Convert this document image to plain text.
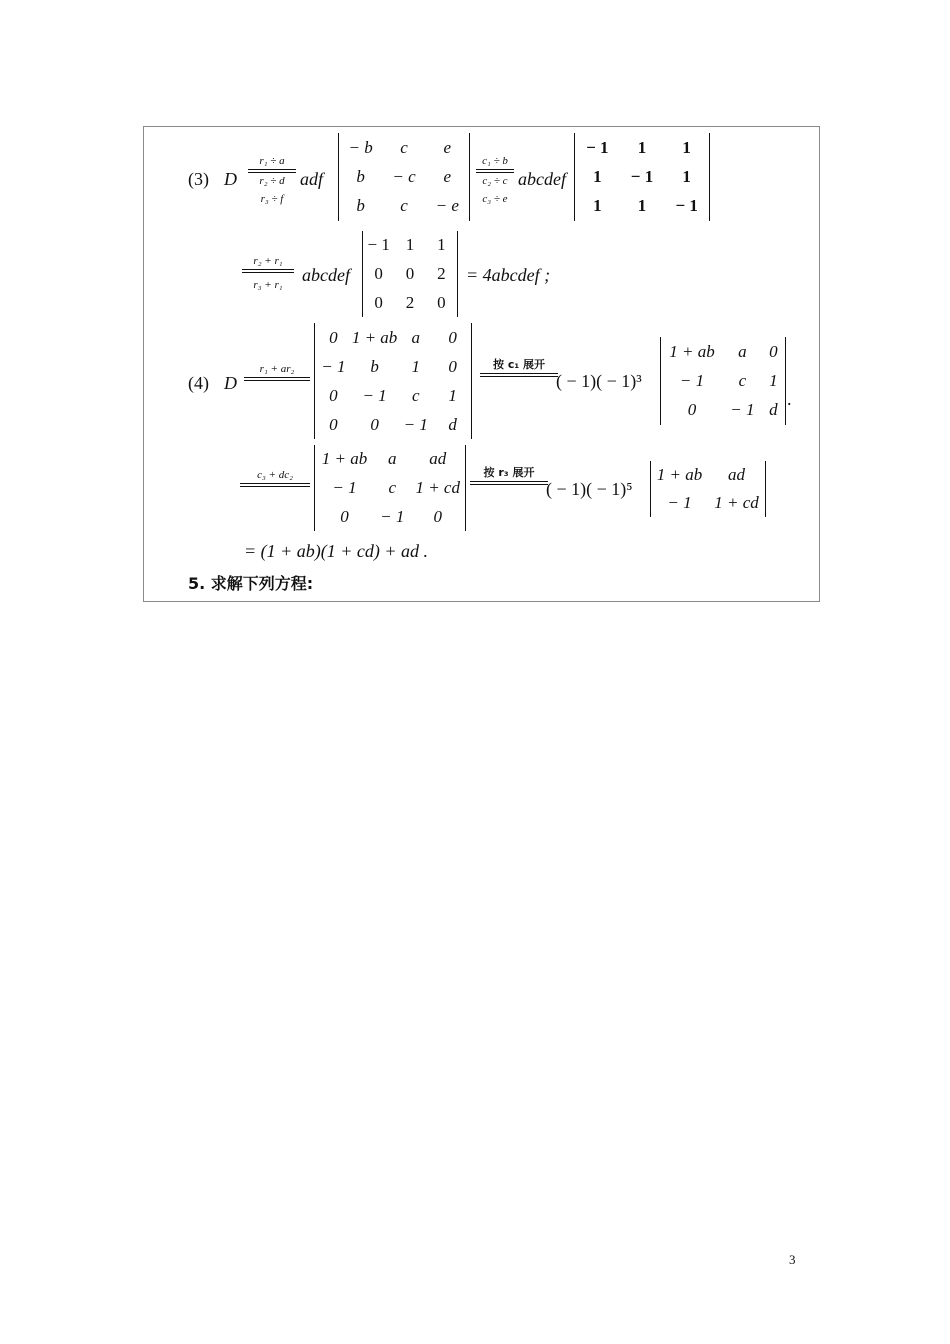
(3) D
r₁ ÷ a
r₂ ÷ d
r₃ ÷ f
adf
− b c e
b − c e
b c − e
c₁ ÷ b
c₂ ÷ c
c₃ ÷ e
abcdef
− 1 1 1
1 − 1 1
1 1 − 1
r₂ + r₁
r₃ + r₁ abcdef
− 1 1 1
0 0 2
0 2 0
= 4abcdef ;
(4) D
r₁ + ar₂
0 1 + ab a 0
− 1 b 1 0
0 − 1 c 1
0 0 − 1 d
按 c₁ 展开
( − 1)( − 1)³
1 + ab a 0
− 1 c 1
0 − 1 d
.
c₃ + dc₂
1 + ab a ad
− 1 c 1 + cd
0 − 1 0
按 r₃ 展开
( − 1)( − 1)⁵
1 + ab ad
− 1 1 + cd
= (1 + ab)(1 + cd) + ad .
5. 求解下列方程:
3
